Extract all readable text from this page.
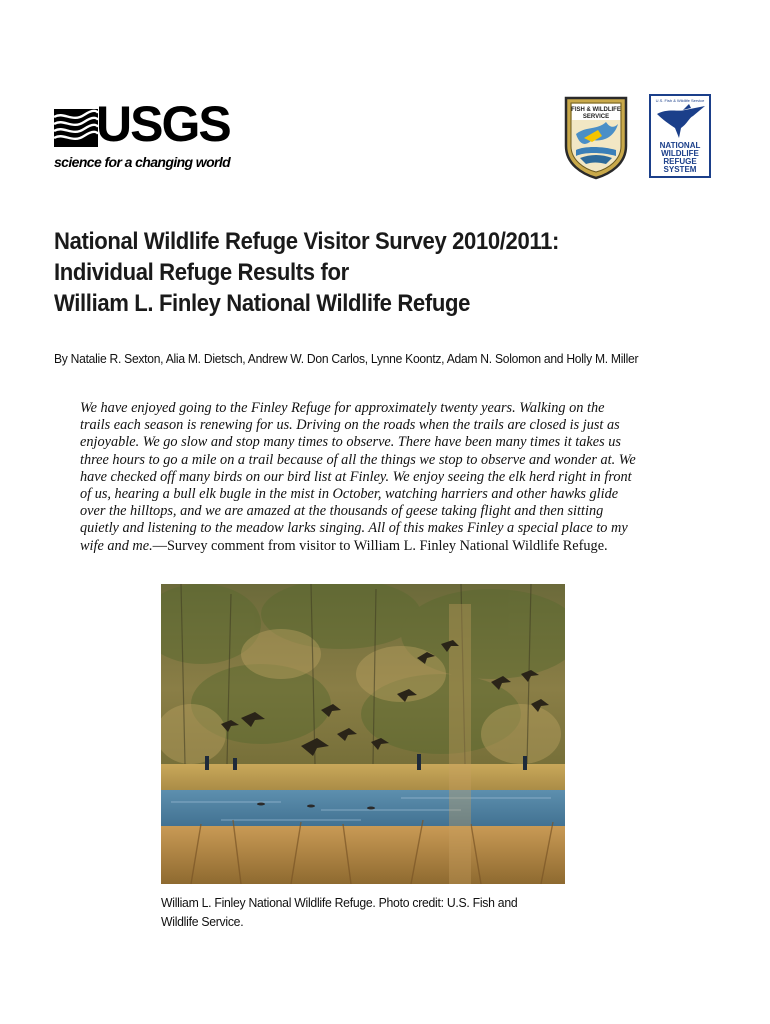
USGS
science for a changing world
FISH & WILDLIFE
SERVICE
U.S. Fish & Wildlife Service
NATIONAL
WILDLIFE
REFUGE
SYSTEM
National Wildlife Refuge Visitor Survey 2010/2011:
Individual Refuge Results for
William L. Finley National Wildlife Refuge
By Natalie R. Sexton, Alia M. Dietsch, Andrew W. Don Carlos, Lynne Koontz, Adam N. Solomon and Holly M. Miller
We have enjoyed going to the Finley Refuge for approximately twenty years. Walking on the
trails each season is renewing for us. Driving on the roads when the trails are closed is just as
enjoyable. We go slow and stop many times to observe. There have been many times it takes us
three hours to go a mile on a trail because of all the things we stop to observe and wonder at. We
have checked off many birds on our bird list at Finley. We enjoy seeing the elk herd right in front
of us, hearing a bull elk bugle in the mist in October, watching harriers and other hawks glide
over the hilltops, and we are amazed at the thousands of geese taking flight and then sitting
quietly and listening to the meadow larks singing. All of this makes Finley a special place to my
wife and me.—Survey comment from visitor to William L. Finley National Wildlife Refuge.
William L. Finley National Wildlife Refuge. Photo credit: U.S. Fish and
Wildlife Service.
